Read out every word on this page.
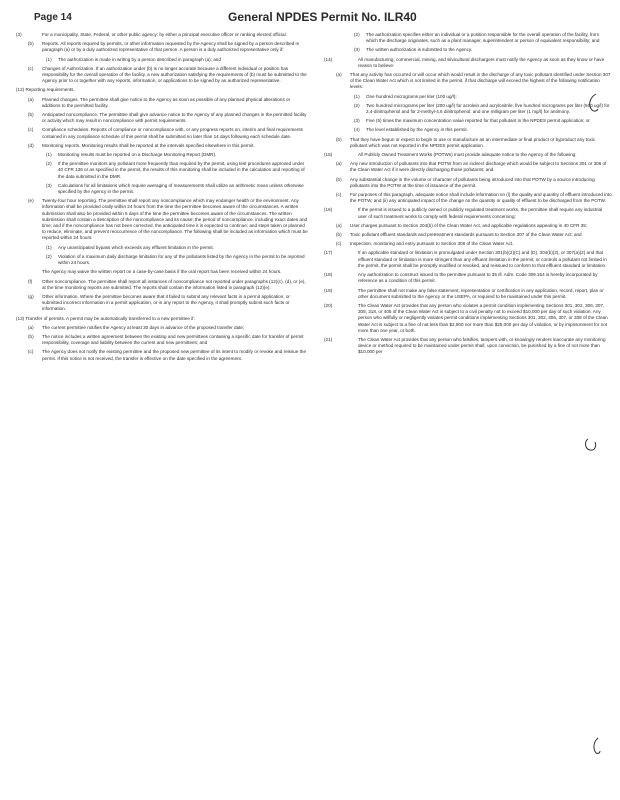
Page 14	General NPDES Permit No. ILR40
(3)	For a municipality, State, Federal, or other public agency: by either a principal executive officer or ranking elected official.
(b) Reports. All reports required by permits, or other information requested by the Agency shall be signed by a person described in paragraph (a) or by a duly authorized representative of that person. A person is a duly authorized representative only if:
(1) The authorization is made in writing by a person described in paragraph (a); and
(c) Changes of Authorization. If an authorization under (b) is no longer accurate because a different individual or position has responsibility for the overall operation of the facility, a new authorization satisfying the requirements of (b) must be submitted to the Agency prior to or together with any reports, information, or applications to be signed by an authorized representative.
(12)Reporting requirements.
(a) Planned changes. The permittee shall give notice to the Agency as soon as possible of any planned physical alterations or additions to the permitted facility.
(b) Anticipated noncompliance. The permittee shall give advance notice to the Agency of any planned changes in the permitted facility or activity which may result in noncompliance with permit requirements.
(c) Compliance schedules. Reports of compliance or noncompliance with, or any progress reports on, interim and final requirements contained in any compliance schedule of this permit shall be submitted no later than 14 days following each schedule date.
(d) Monitoring reports. Monitoring results shall be reported at the intervals specified elsewhere in this permit.
(1) Monitoring results must be reported on a Discharge Monitoring Report (DMR).
(2) If the permittee monitors any pollutant more frequently than required by the permit, using test procedures approved under 40 CFR 136 or as specified in the permit, the results of this monitoring shall be included in the calculation and reporting of the data submitted in the DMR.
(3) Calculations for all limitations which require averaging of measurements shall utilize an arithmetic mean unless otherwise specified by the Agency in the permit.
(e) Twenty-four hour reporting. The permittee shall report any noncompliance which may endanger health or the environment. Any information shall be provided orally within 24 hours from the time the permittee becomes aware of the circumstances. A written submission shall also be provided within 5 days of the time the permittee becomes aware of the circumstances. The written submission shall contain a description of the noncompliance and its cause; the period of noncompliance, including exact dates and time; and if the noncompliance has not been corrected, the anticipated time it is expected to continue; and steps taken or planned to reduce, eliminate, and prevent reoccurrence of the noncompliance. The following shall be included as information which must be reported within 24 hours:
(1) Any unanticipated bypass which exceeds any effluent limitation in the permit.
(2) Violation of a maximum daily discharge limitation for any of the pollutants listed by the Agency in the permit to be reported within 24 hours.
The Agency may waive the written report on a case-by-case basis if the oral report has been received within 24 hours.
(f) Other noncompliance. The permittee shall report all instances of noncompliance not reported under paragraphs (12)(c), (d), or (e), at the time monitoring reports are submitted. The reports shall contain the information listed in paragraph (12)(e).
(g) Other information. Where the permittee becomes aware that it failed to submit any relevant facts in a permit application, or submitted incorrect information in a permit application, or in any report to the Agency, it shall promptly submit such facts or information.
(13)Transfer of permits. A permit may be automatically transferred to a new permittee if:
(a) The current permittee notifies the Agency at least 30 days in advance of the proposed transfer date;
(b) The notice includes a written agreement between the existing and new permittees containing a specific date for transfer of permit responsibility, coverage and liability between the current and new permittees; and
(c) The Agency does not notify the existing permittee and the proposed new permittee of its intent to modify or revoke and reissue the permit. If this notice is not received, the transfer is effective on the date specified in the agreement.
(2) The authorization specifies either an individual or a position responsible for the overall operation of the facility, from which the discharge originates, such as a plant manager, superintendent or person of equivalent responsibility; and
(3) The written authorization is submitted to the Agency.
(14)	All manufacturing, commercial, mining, and silvicultural dischargers must notify the Agency as soon as they know or have reason to believe:
(a) That any activity has occurred or will occur which would result in the discharge of any toxic pollutant identified under Section 307 of the Clean Water Act which is not limited in the permit, if that discharge will exceed the highest of the following notification levels:
(1) One hundred micrograms per liter (100 ug/l);
(2) Two hundred micrograms per liter (200 ug/l) for acrolein and acrylonitrile; five hundred micrograms per liter (500 ug/l) for 2,4-dinitrophenol and for 2-methyl-4,6 dinitrophenol; and one milligram per liter (1 mg/l) for antimony.
(3) Five (5) times the maximum concentration value reported for that pollutant in the NPDES permit application; or
(4) The level established by the Agency in this permit.
(b) That they have begun or expect to begin to use or manufacture as an intermediate or final product or byproduct any toxic pollutant which was not reported in the NPDES permit application.
(15)	All Publicly Owned Treatment Works (POTWs) must provide adequate notice to the Agency of the following:
(a) Any new introduction of pollutants into that POTW from an indirect discharge which would be subject to Sections 301 or 306 of the Clean Water Act if it were directly discharging those pollutants; and
(b) Any substantial change in the volume or character of pollutants being introduced into that POTW by a source introducing pollutants into the POTW at the time of issuance of the permit.
(c) For purposes of this paragraph, adequate notice shall include information on (i) the quality and quantity of effluent introduced into the POTW, and (ii) any anticipated impact of the change on the quantity or quality of effluent to be discharged from the POTW.
(16)	If the permit is issued to a publicly owned or publicly regulated treatment works, the permittee shall require any industrial user of such treatment works to comply with federal requirements concerning:
(a) User charges pursuant to Section 204(b) of the Clean Water Act, and applicable regulations appearing in 40 CFR 35;
(b) Toxic pollutant effluent standards and pretreatment standards pursuant to Section 307 of the Clean Water Act; and
(c) Inspection, monitoring and entry pursuant to Section 308 of the Clean Water Act.
(17)	If an applicable standard or limitation is promulgated under Section 301(b)(2)(C) and (D), 304(b)(2), or 307(a)(2) and that effluent standard or limitation is more stringent than any effluent limitation in the permit, or controls a pollutant not limited in the permit, the permit shall be promptly modified or revoked, and reissued to conform to that effluent standard or limitation.
(18)	Any authorization to construct issued to the permittee pursuant to 35 Ill. Adm. Code 309.154 is hereby incorporated by reference as a condition of this permit.
(19)	The permittee shall not make any false statement, representation or certification in any application, record, report, plan or other document submitted to the Agency or the USEPA, or required to be maintained under this permit.
(20)	The Clean Water Act provides that any person who violates a permit condition implementing Sections 301, 302, 306, 307, 308, 318, or 405 of the Clean Water Act is subject to a civil penalty not to exceed $10,000 per day of such violation. Any person who willfully or negligently violates permit conditions implementing Sections 301, 302, 306, 307, or 308 of the Clean Water Act is subject to a fine of not less than $2,500 nor more than $25,000 per day of violation, or by imprisonment for not more than one year, or both.
(21)	The Clean Water Act provides that any person who falsifies, tampers with, or knowingly renders inaccurate any monitoring device or method required to be maintained under permit shall, upon conviction, be punished by a fine of not more than $10,000 per
